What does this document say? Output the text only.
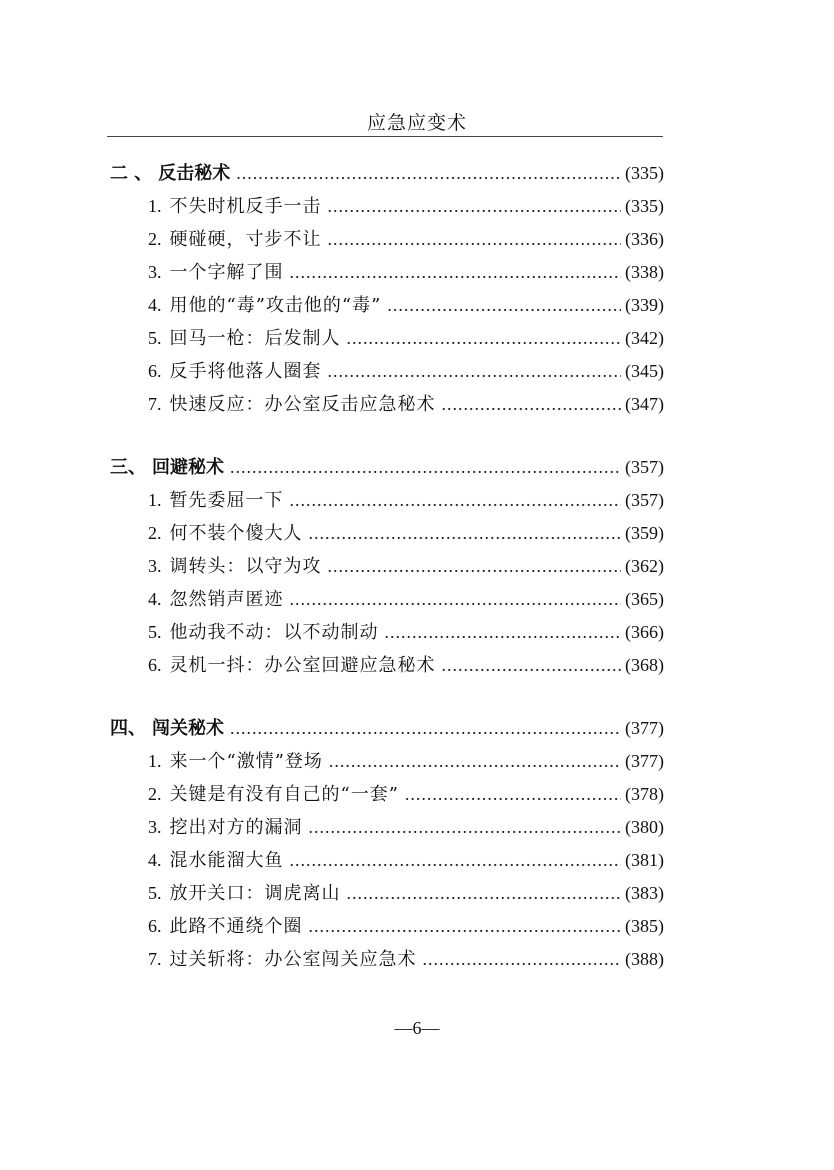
应急应变术
二 、 反击秘术 .....	(335)
1. 不失时机反手一击 .....	(335)
2. 硬碰硬，寸步不让 .....	(336)
3. 一个字解了围 .....	(338)
4. 用他的“毒”攻击他的“毒” .....	(339)
5. 回马一枪：后发制人 .....	(342)
6. 反手将他落人圈套 .....	(345)
7. 快速反应：办公室反击应急秘术 .....	(347)
三、 回避秘术 .....	(357)
1. 暂先委屈一下 .....	(357)
2. 何不装个傻大人 .....	(359)
3. 调转头：以守为攻 .....	(362)
4. 忽然销声匿迹 .....	(365)
5. 他动我不动：以不动制动 .....	(366)
6. 灵机一抖：办公室回避应急秘术 .....	(368)
四、 闯关秘术 .....	(377)
1. 来一个“激情”登场 .....	(377)
2. 关键是有没有自己的“一套” .....	(378)
3. 挖出对方的漏洞 .....	(380)
4. 混水能溜大鱼 .....	(381)
5. 放开关口：调虎离山 .....	(383)
6. 此路不通绕个圈 .....	(385)
7. 过关斩将：办公室闯关应急术 .....	(388)
—6—
